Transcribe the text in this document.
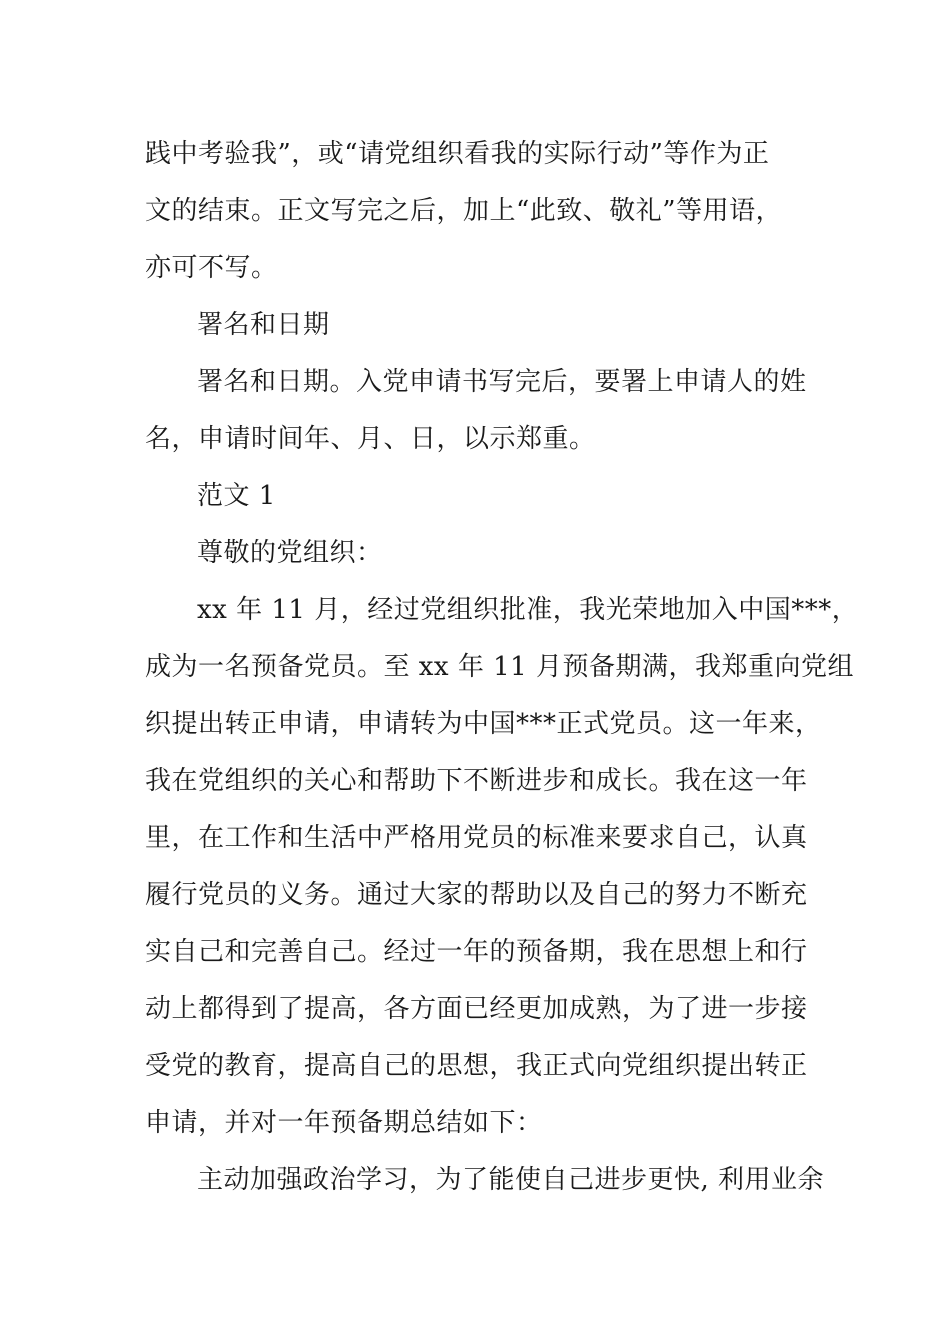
践中考验我”，或“请党组织看我的实际行动”等作为正
文的结束。正文写完之后，加上“此致、敬礼”等用语，
亦可不写。
署名和日期
署名和日期。入党申请书写完后，要署上申请人的姓
名，申请时间年、月、日，以示郑重。
范文 1
尊敬的党组织：
xx 年 11 月，经过党组织批准，我光荣地加入中国***，
成为一名预备党员。至 xx 年 11 月预备期满，我郑重向党组
织提出转正申请，申请转为中国***正式党员。这一年来，
我在党组织的关心和帮助下不断进步和成长。我在这一年
里，在工作和生活中严格用党员的标准来要求自己，认真
履行党员的义务。通过大家的帮助以及自己的努力不断充
实自己和完善自己。经过一年的预备期，我在思想上和行
动上都得到了提高，各方面已经更加成熟，为了进一步接
受党的教育，提高自己的思想，我正式向党组织提出转正
申请，并对一年预备期总结如下：
主动加强政治学习，为了能使自己进步更快, 利用业余
